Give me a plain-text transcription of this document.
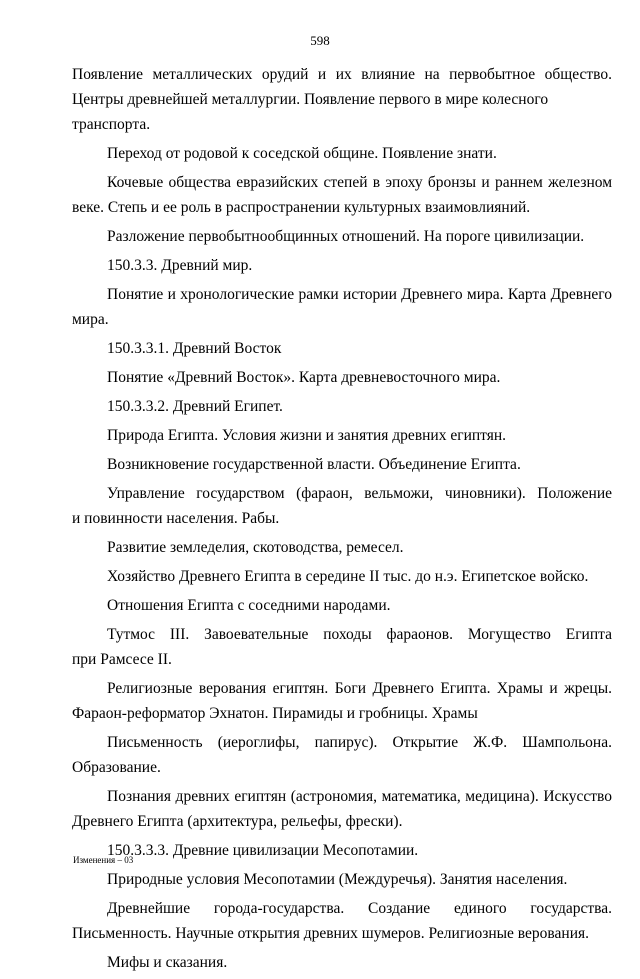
598
Появление металлических орудий и их влияние на первобытное общество.
Центры древнейшей металлургии. Появление первого в мире колесного транспорта.
Переход от родовой к соседской общине. Появление знати.
Кочевые общества евразийских степей в эпоху бронзы и раннем железном
веке. Степь и ее роль в распространении культурных взаимовлияний.
Разложение первобытнообщинных отношений. На пороге цивилизации.
150.3.3. Древний мир.
Понятие и хронологические рамки истории Древнего мира. Карта Древнего
мира.
150.3.3.1. Древний Восток
Понятие «Древний Восток». Карта древневосточного мира.
150.3.3.2. Древний Египет.
Природа Египта. Условия жизни и занятия древних египтян.
Возникновение государственной власти. Объединение Египта.
Управление государством (фараон, вельможи, чиновники). Положение
и повинности населения. Рабы.
Развитие земледелия, скотоводства, ремесел.
Хозяйство Древнего Египта в середине II тыс. до н.э. Египетское войско.
Отношения Египта с соседними народами.
Тутмос III. Завоевательные походы фараонов. Могущество Египта
при Рамсесе II.
Религиозные верования египтян. Боги Древнего Египта. Храмы и жрецы.
Фараон-реформатор Эхнатон. Пирамиды и гробницы. Храмы
Письменность (иероглифы, папирус). Открытие Ж.Ф. Шампольона.
Образование.
Познания древних египтян (астрономия, математика, медицина). Искусство
Древнего Египта (архитектура, рельефы, фрески).
150.3.3.3. Древние цивилизации Месопотамии.
Природные условия Месопотамии (Междуречья). Занятия населения.
Древнейшие города-государства. Создание единого государства.
Письменность. Научные открытия древних шумеров. Религиозные верования.
Мифы и сказания.
Изменения – 03
